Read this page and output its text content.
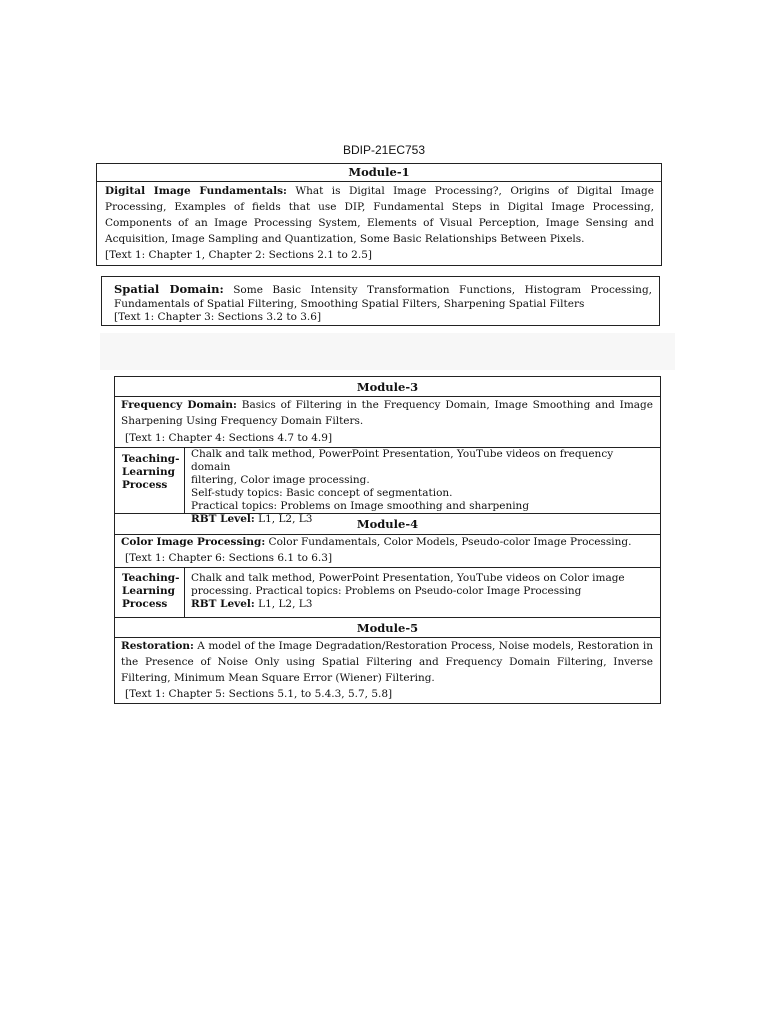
BDIP-21EC753
Module-1
Digital Image Fundamentals: What is Digital Image Processing?, Origins of Digital Image Processing, Examples of fields that use DIP, Fundamental Steps in Digital Image Processing, Components of an Image Processing System, Elements of Visual Perception, Image Sensing and Acquisition, Image Sampling and Quantization, Some Basic Relationships Between Pixels.
[Text 1: Chapter 1, Chapter 2: Sections 2.1 to 2.5]
Spatial Domain: Some Basic Intensity Transformation Functions, Histogram Processing, Fundamentals of Spatial Filtering, Smoothing Spatial Filters, Sharpening Spatial Filters
[Text 1: Chapter 3: Sections 3.2 to 3.6]
Module-3
Frequency Domain: Basics of Filtering in the Frequency Domain, Image Smoothing and Image Sharpening Using Frequency Domain Filters.
[Text 1: Chapter 4: Sections 4.7 to 4.9]
Teaching-
Learning
Process
Chalk and talk method, PowerPoint Presentation, YouTube videos on frequency domain
filtering, Color image processing.
Self-study topics: Basic concept of segmentation.
Practical topics: Problems on Image smoothing and sharpening
RBT Level: L1, L2, L3	Module-4
Color Image Processing: Color Fundamentals, Color Models, Pseudo-color Image Processing.
[Text 1: Chapter 6: Sections 6.1 to 6.3]
Teaching-
Learning
Process
Chalk and talk method, PowerPoint Presentation, YouTube videos on Color image
processing. Practical topics: Problems on Pseudo-color Image Processing
RBT Level: L1, L2, L3
Module-5
Restoration: A model of the Image Degradation/Restoration Process, Noise models, Restoration in the Presence of Noise Only using Spatial Filtering and Frequency Domain Filtering, Inverse Filtering, Minimum Mean Square Error (Wiener) Filtering.
[Text 1: Chapter 5: Sections 5.1, to 5.4.3, 5.7, 5.8]
